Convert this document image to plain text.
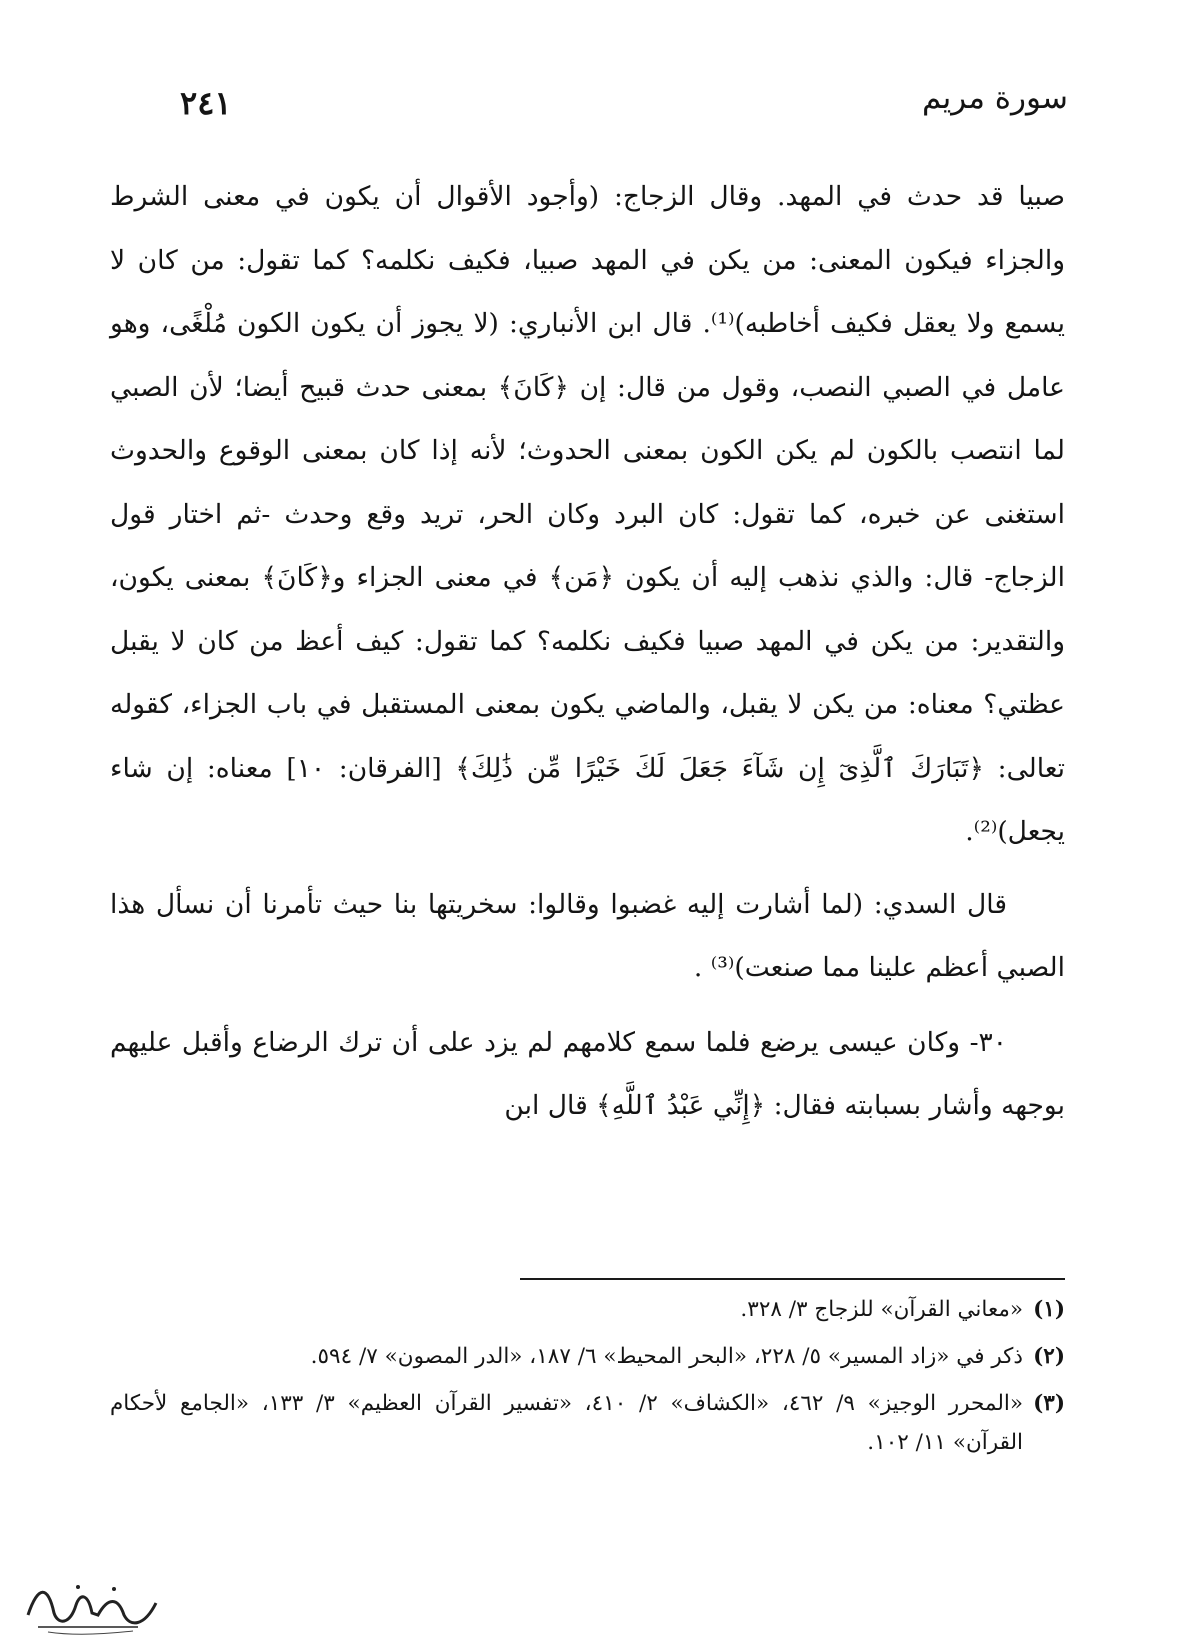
سورة مريم
٢٤١

صبيا قد حدث في المهد. وقال الزجاج: (وأجود الأقوال أن يكون في معنى الشرط والجزاء فيكون المعنى: من يكن في المهد صبيا، فكيف نكلمه؟ كما تقول: من كان لا يسمع ولا يعقل فكيف أخاطبه)⁽¹⁾. قال ابن الأنباري: (لا يجوز أن يكون الكون مُلْغًى، وهو عامل في الصبي النصب، وقول من قال: إن ﴿كَانَ﴾ بمعنى حدث قبيح أيضا؛ لأن الصبي لما انتصب بالكون لم يكن الكون بمعنى الحدوث؛ لأنه إذا كان بمعنى الوقوع والحدوث استغنى عن خبره، كما تقول: كان البرد وكان الحر، تريد وقع وحدث -ثم اختار قول الزجاج- قال: والذي نذهب إليه أن يكون ﴿مَن﴾ في معنى الجزاء و﴿كَانَ﴾ بمعنى يكون، والتقدير: من يكن في المهد صبيا فكيف نكلمه؟ كما تقول: كيف أعظ من كان لا يقبل عظتي؟ معناه: من يكن لا يقبل، والماضي يكون بمعنى المستقبل في باب الجزاء، كقوله تعالى: ﴿تَبَارَكَ ٱلَّذِىٓ إِن شَآءَ جَعَلَ لَكَ خَيْرًا مِّن ذَٰلِكَ﴾ [الفرقان: ١٠] معناه: إن شاء يجعل)⁽²⁾.

قال السدي: (لما أشارت إليه غضبوا وقالوا: سخريتها بنا حيث تأمرنا أن نسأل هذا الصبي أعظم علينا مما صنعت)⁽³⁾ .

٣٠- وكان عيسى يرضع فلما سمع كلامهم لم يزد على أن ترك الرضاع وأقبل عليهم بوجهه وأشار بسبابته فقال: ﴿إِنِّي عَبْدُ ٱللَّهِ﴾ قال ابن

(١)
«معاني القرآن» للزجاج ٣/ ٣٢٨.

(٢)
ذكر في «زاد المسير» ٥/ ٢٢٨، «البحر المحيط» ٦/ ١٨٧، «الدر المصون» ٧/ ٥٩٤.

(٣)
«المحرر الوجيز» ٩/ ٤٦٢، «الكشاف» ٢/ ٤١٠، «تفسير القرآن العظيم» ٣/ ١٣٣، «الجامع لأحكام القرآن» ١١/ ١٠٢.
